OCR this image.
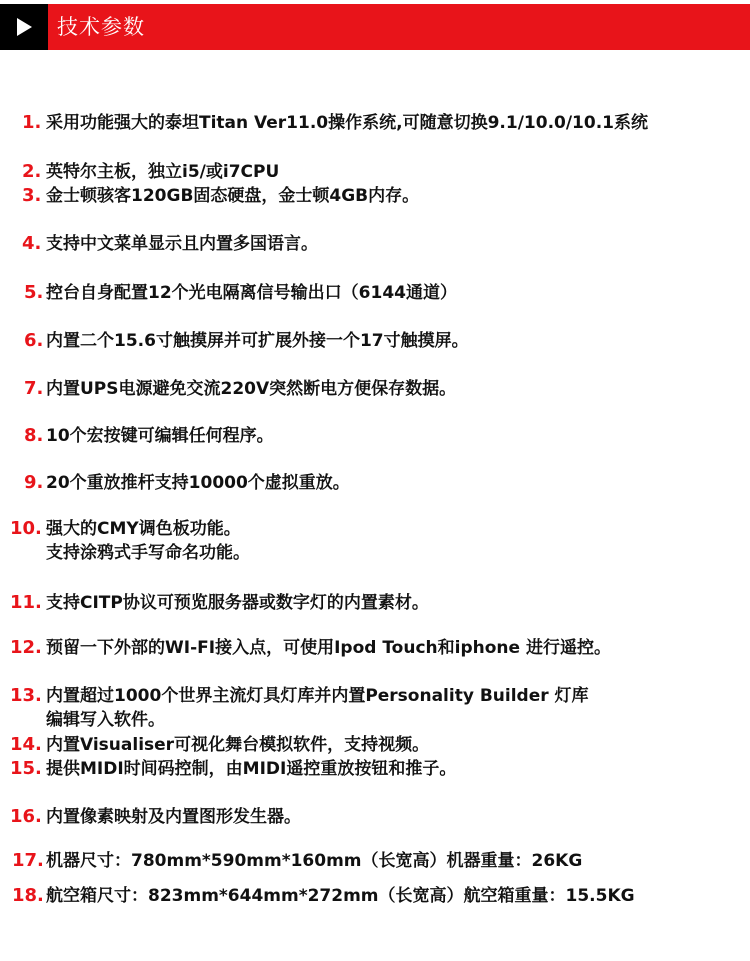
技术参数
1. 采用功能强大的泰坦Titan Ver11.0操作系统,可随意切换9.1/10.0/10.1系统
2. 英特尔主板，独立i5/或i7CPU
3. 金士顿骇客120GB固态硬盘，金士顿4GB内存。
4. 支持中文菜单显示且内置多国语言。
5. 控台自身配置12个光电隔离信号输出口（6144通道）
6. 内置二个15.6寸触摸屏并可扩展外接一个17寸触摸屏。
7. 内置UPS电源避免交流220V突然断电方便保存数据。
8. 10个宏按键可编辑任何程序。
9. 20个重放推杆支持10000个虚拟重放。
10. 强大的CMY调色板功能。
支持涂鸦式手写命名功能。
11. 支持CITP协议可预览服务器或数字灯的内置素材。
12. 预留一下外部的WI-FI接入点，可使用Ipod Touch和iphone 进行遥控。
13. 内置超过1000个世界主流灯具灯库并内置Personality Builder 灯库
编辑写入软件。
14. 内置Visualiser可视化舞台模拟软件，支持视频。
15. 提供MIDI时间码控制，由MIDI遥控重放按钮和推子。
16. 内置像素映射及内置图形发生器。
17. 机器尺寸：780mm*590mm*160mm（长宽高）机器重量：26KG
18. 航空箱尺寸：823mm*644mm*272mm（长宽高）航空箱重量：15.5KG
